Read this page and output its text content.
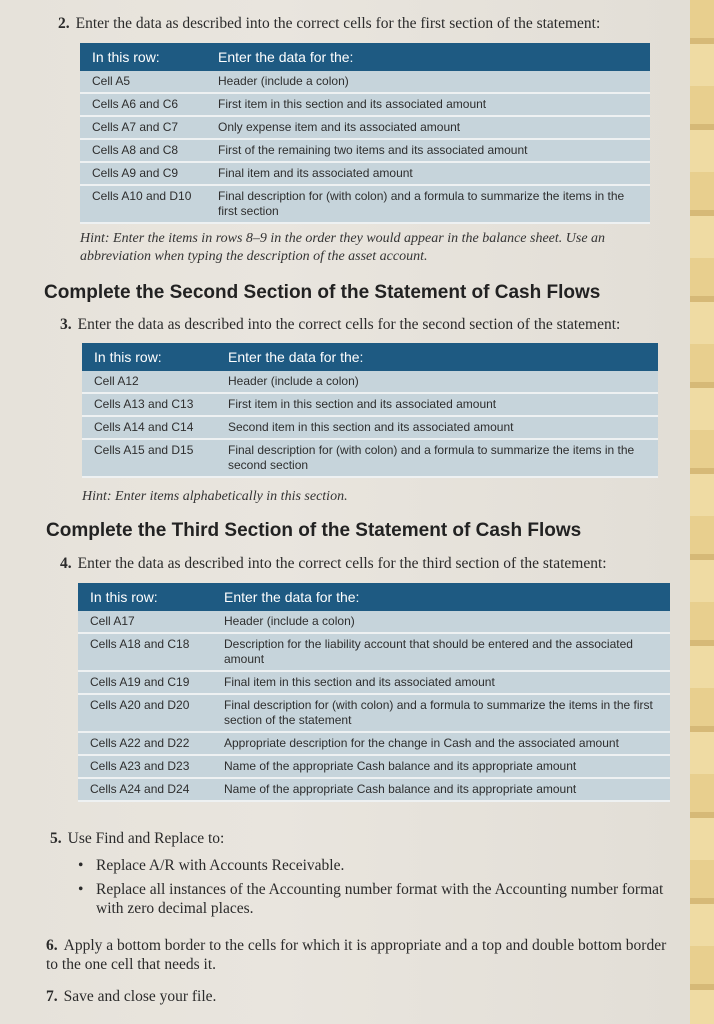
2. Enter the data as described into the correct cells for the first section of the statement:
In this row:	Enter the data for the:
Cell A5	Header (include a colon)
Cells A6 and C6	First item in this section and its associated amount
Cells A7 and C7	Only expense item and its associated amount
Cells A8 and C8	First of the remaining two items and its associated amount
Cells A9 and C9	Final item and its associated amount
Cells A10 and D10	Final description for (with colon) and a formula to summarize the items in the first section
Hint: Enter the items in rows 8–9 in the order they would appear in the balance sheet. Use an abbreviation when typing the description of the asset account.
Complete the Second Section of the Statement of Cash Flows
3. Enter the data as described into the correct cells for the second section of the statement:
In this row:	Enter the data for the:
Cell A12	Header (include a colon)
Cells A13 and C13	First item in this section and its associated amount
Cells A14 and C14	Second item in this section and its associated amount
Cells A15 and D15	Final description for (with colon) and a formula to summarize the items in the second section
Hint: Enter items alphabetically in this section.
Complete the Third Section of the Statement of Cash Flows
4. Enter the data as described into the correct cells for the third section of the statement:
In this row:	Enter the data for the:
Cell A17	Header (include a colon)
Cells A18 and C18	Description for the liability account that should be entered and the associated amount
Cells A19 and C19	Final item in this section and its associated amount
Cells A20 and D20	Final description for (with colon) and a formula to summarize the items in the first section of the statement
Cells A22 and D22	Appropriate description for the change in Cash and the associated amount
Cells A23 and D23	Name of the appropriate Cash balance and its appropriate amount
Cells A24 and D24	Name of the appropriate Cash balance and its appropriate amount
5. Use Find and Replace to:
• Replace A/R with Accounts Receivable.
• Replace all instances of the Accounting number format with the Accounting number format with zero decimal places.
6. Apply a bottom border to the cells for which it is appropriate and a top and double bottom border to the one cell that needs it.
7. Save and close your file.
